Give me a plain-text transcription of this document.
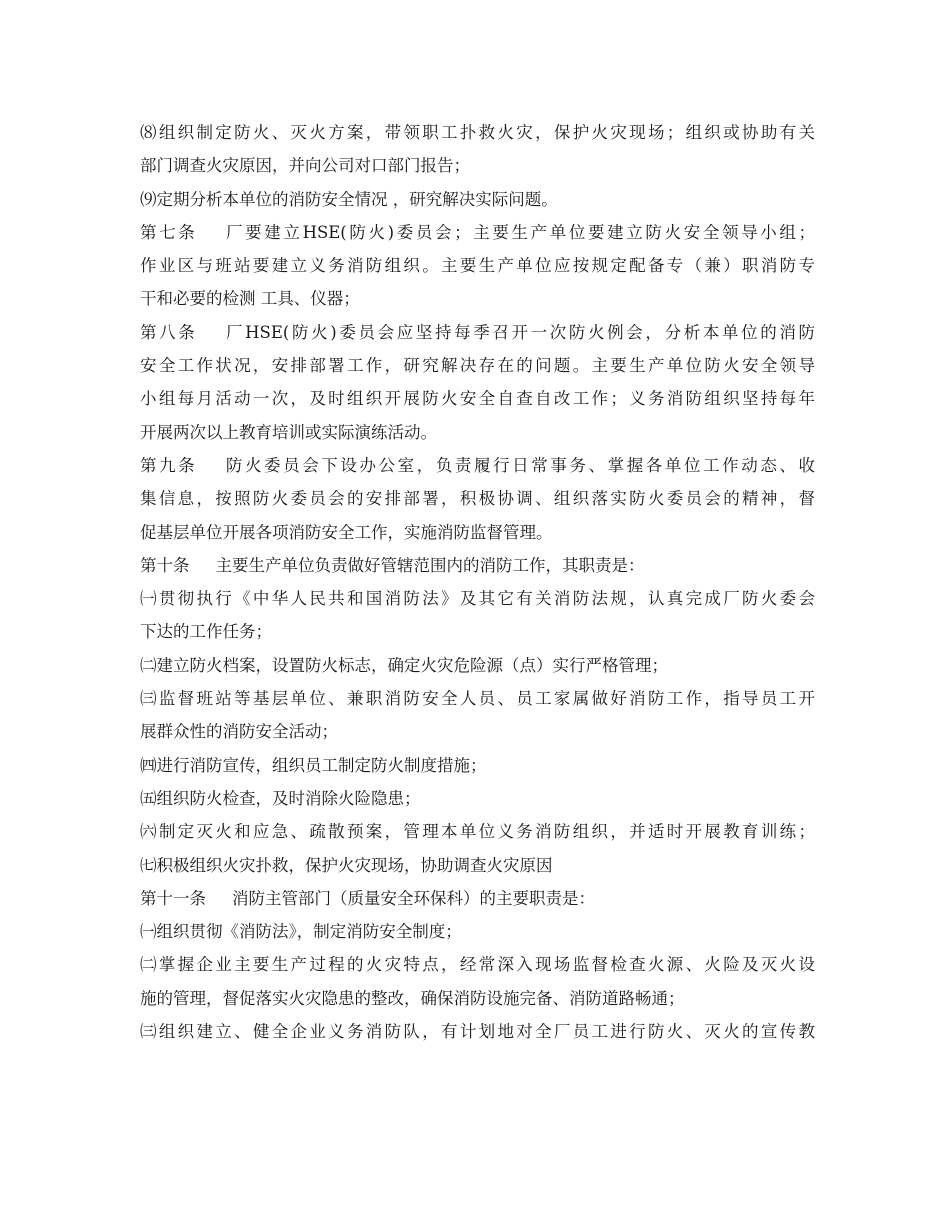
⑻组织制定防火、灭火方案，带领职工扑救火灾，保护火灾现场；组织或协助有关
部门调查火灾原因，并向公司对口部门报告；
⑼定期分析本单位的消防安全情况 ，研究解决实际问题。
第七条 厂要建立HSE(防火)委员会；主要生产单位要建立防火安全领导小组；
作业区与班站要建立义务消防组织。主要生产单位应按规定配备专（兼）职消防专
干和必要的检测 工具、仪器；
第八条 厂HSE(防火)委员会应坚持每季召开一次防火例会，分析本单位的消防
安全工作状况，安排部署工作，研究解决存在的问题。主要生产单位防火安全领导
小组每月活动一次，及时组织开展防火安全自查自改工作；义务消防组织坚持每年
开展两次以上教育培训或实际演练活动。
第九条 防火委员会下设办公室，负责履行日常事务、掌握各单位工作动态、收
集信息，按照防火委员会的安排部署，积极协调、组织落实防火委员会的精神，督
促基层单位开展各项消防安全工作，实施消防监督管理。
第十条 主要生产单位负责做好管辖范围内的消防工作，其职责是：
㈠贯彻执行《中华人民共和国消防法》及其它有关消防法规，认真完成厂防火委会
下达的工作任务；
㈡建立防火档案，设置防火标志，确定火灾危险源（点）实行严格管理；
㈢监督班站等基层单位、兼职消防安全人员、员工家属做好消防工作，指导员工开
展群众性的消防安全活动；
㈣进行消防宣传，组织员工制定防火制度措施；
㈤组织防火检查，及时消除火险隐患；
㈥制定灭火和应急、疏散预案，管理本单位义务消防组织，并适时开展教育训练；
㈦积极组织火灾扑救，保护火灾现场，协助调查火灾原因
第十一条 消防主管部门（质量安全环保科）的主要职责是：
㈠组织贯彻《消防法》，制定消防安全制度；
㈡掌握企业主要生产过程的火灾特点，经常深入现场监督检查火源、火险及灭火设
施的管理，督促落实火灾隐患的整改，确保消防设施完备、消防道路畅通；
㈢组织建立、健全企业义务消防队，有计划地对全厂员工进行防火、灭火的宣传教
